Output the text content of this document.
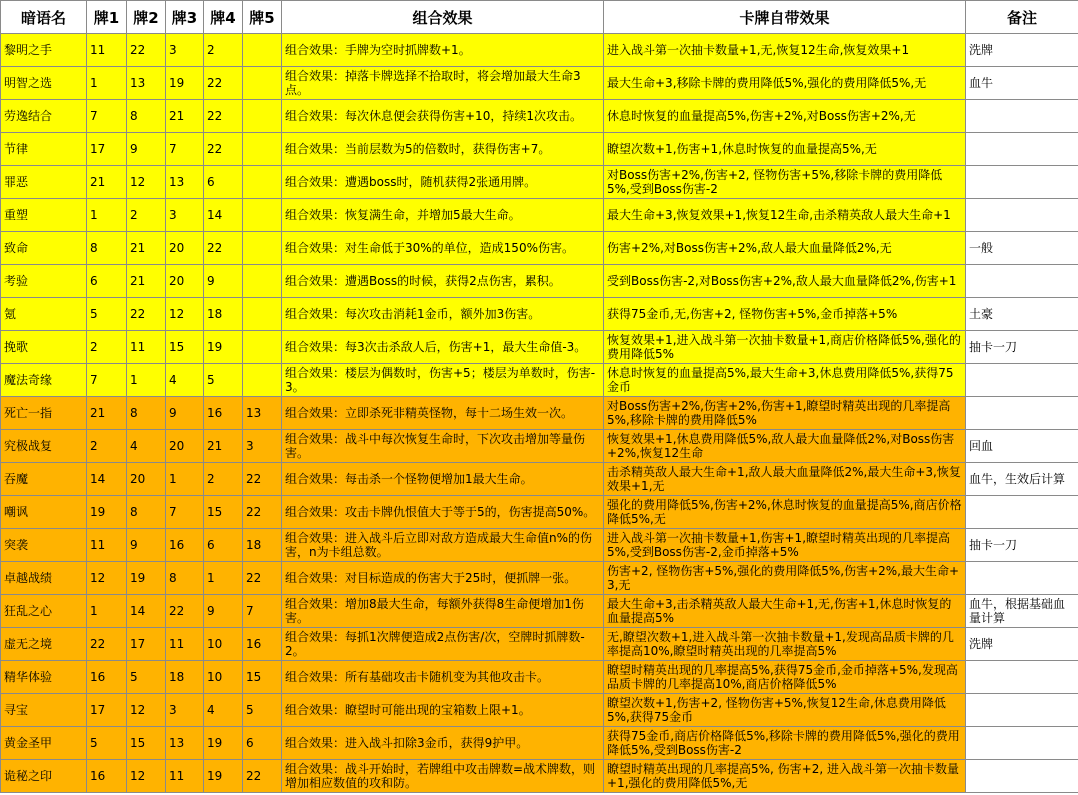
暗语名	牌1	牌2	牌3	牌4	牌5	组合效果	卡牌自带效果	备注
黎明之手	11	22	3	2		组合效果：手牌为空时抓牌数+1。	进入战斗第一次抽卡数量+1,无,恢复12生命,恢复效果+1	洗牌
明智之选	1	13	19	22		组合效果：掉落卡牌选择不拾取时，将会增加最大生命3点。	最大生命+3,移除卡牌的费用降低5%,强化的费用降低5%,无	血牛
劳逸结合	7	8	21	22		组合效果：每次休息便会获得伤害+10，持续1次攻击。	休息时恢复的血量提高5%,伤害+2%,对Boss伤害+2%,无	
节律	17	9	7	22		组合效果：当前层数为5的倍数时，获得伤害+7。	瞭望次数+1,伤害+1,休息时恢复的血量提高5%,无	
罪恶	21	12	13	6		组合效果：遭遇boss时，随机获得2张通用牌。	对Boss伤害+2%,伤害+2, 怪物伤害+5%,移除卡牌的费用降低5%,受到Boss伤害-2	
重塑	1	2	3	14		组合效果：恢复满生命，并增加5最大生命。	最大生命+3,恢复效果+1,恢复12生命,击杀精英敌人最大生命+1	
致命	8	21	20	22		组合效果：对生命低于30%的单位，造成150%伤害。	伤害+2%,对Boss伤害+2%,敌人最大血量降低2%,无	一般
考验	6	21	20	9		组合效果：遭遇Boss的时候，获得2点伤害，累积。	受到Boss伤害-2,对Boss伤害+2%,敌人最大血量降低2%,伤害+1	
氪	5	22	12	18		组合效果：每次攻击消耗1金币，额外加3伤害。	获得75金币,无,伤害+2, 怪物伤害+5%,金币掉落+5%	土豪
挽歌	2	11	15	19		组合效果：每3次击杀敌人后，伤害+1，最大生命值-3。	恢复效果+1,进入战斗第一次抽卡数量+1,商店价格降低5%,强化的费用降低5%	抽卡一刀
魔法奇缘	7	1	4	5		组合效果：楼层为偶数时，伤害+5；楼层为单数时，伤害-3。	休息时恢复的血量提高5%,最大生命+3,休息费用降低5%,获得75金币	
死亡一指	21	8	9	16	13	组合效果：立即杀死非精英怪物，每十二场生效一次。	对Boss伤害+2%,伤害+2%,伤害+1,瞭望时精英出现的几率提高5%,移除卡牌的费用降低5%	
究极战复	2	4	20	21	3	组合效果：战斗中每次恢复生命时，下次攻击增加等量伤害。	恢复效果+1,休息费用降低5%,敌人最大血量降低2%,对Boss伤害+2%,恢复12生命	回血
吞魔	14	20	1	2	22	组合效果：每击杀一个怪物便增加1最大生命。	击杀精英敌人最大生命+1,敌人最大血量降低2%,最大生命+3,恢复效果+1,无	血牛，生效后计算
嘲讽	19	8	7	15	22	组合效果：攻击卡牌仇恨值大于等于5的，伤害提高50%。	强化的费用降低5%,伤害+2%,休息时恢复的血量提高5%,商店价格降低5%,无	
突袭	11	9	16	6	18	组合效果：进入战斗后立即对敌方造成最大生命值n%的伤害，n为卡组总数。	进入战斗第一次抽卡数量+1,伤害+1,瞭望时精英出现的几率提高5%,受到Boss伤害-2,金币掉落+5%	抽卡一刀
卓越战绩	12	19	8	1	22	组合效果：对目标造成的伤害大于25时，便抓牌一张。	伤害+2, 怪物伤害+5%,强化的费用降低5%,伤害+2%,最大生命+3,无	
狂乱之心	1	14	22	9	7	组合效果：增加8最大生命，每额外获得8生命便增加1伤害。	最大生命+3,击杀精英敌人最大生命+1,无,伤害+1,休息时恢复的血量提高5%	血牛，根据基础血量计算
虚无之境	22	17	11	10	16	组合效果：每抓1次牌便造成2点伤害/次，空牌时抓牌数-2。	无,瞭望次数+1,进入战斗第一次抽卡数量+1,发现高品质卡牌的几率提高10%,瞭望时精英出现的几率提高5%	洗牌
精华体验	16	5	18	10	15	组合效果：所有基础攻击卡随机变为其他攻击卡。	瞭望时精英出现的几率提高5%,获得75金币,金币掉落+5%,发现高品质卡牌的几率提高10%,商店价格降低5%	
寻宝	17	12	3	4	5	组合效果：瞭望时可能出现的宝箱数上限+1。	瞭望次数+1,伤害+2, 怪物伤害+5%,恢复12生命,休息费用降低5%,获得75金币	
黄金圣甲	5	15	13	19	6	组合效果：进入战斗扣除3金币，获得9护甲。	获得75金币,商店价格降低5%,移除卡牌的费用降低5%,强化的费用降低5%,受到Boss伤害-2	
诡秘之印	16	12	11	19	22	组合效果：战斗开始时，若牌组中攻击牌数=战术牌数，则增加相应数值的攻和防。	瞭望时精英出现的几率提高5%, 伤害+2, 进入战斗第一次抽卡数量+1,强化的费用降低5%,无	
